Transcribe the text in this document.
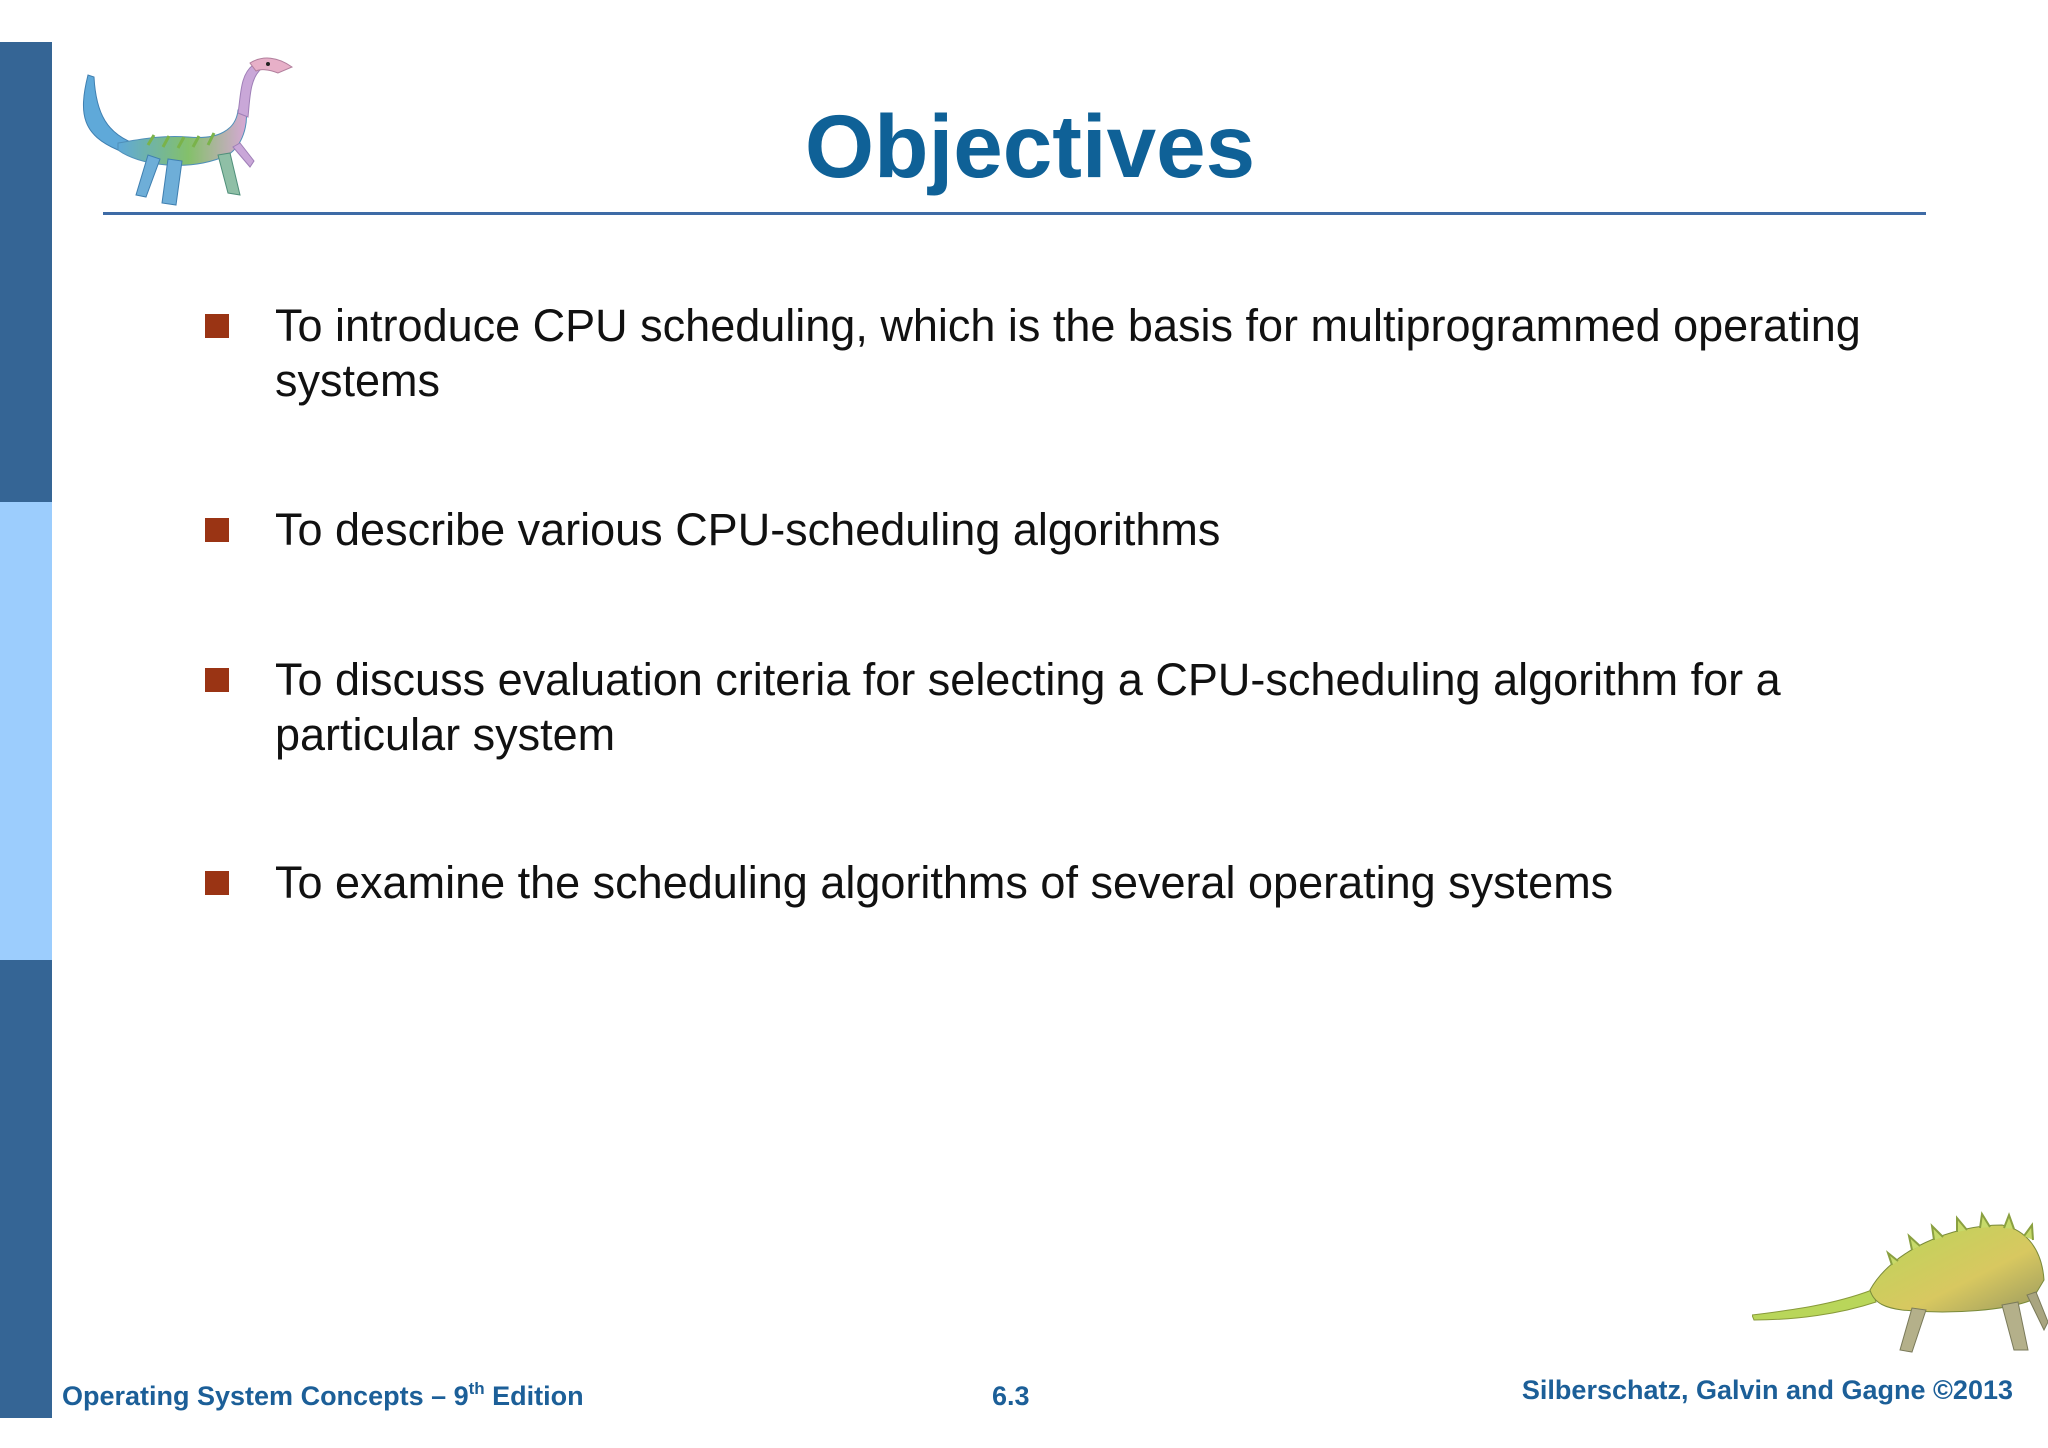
Objectives
To introduce CPU scheduling, which is the basis for multiprogrammed operating systems
To describe various CPU-scheduling algorithms
To discuss evaluation criteria for selecting a CPU-scheduling algorithm for a particular system
To examine the scheduling algorithms of several operating systems
Operating System Concepts – 9th Edition	6.3	Silberschatz, Galvin and Gagne ©2013
